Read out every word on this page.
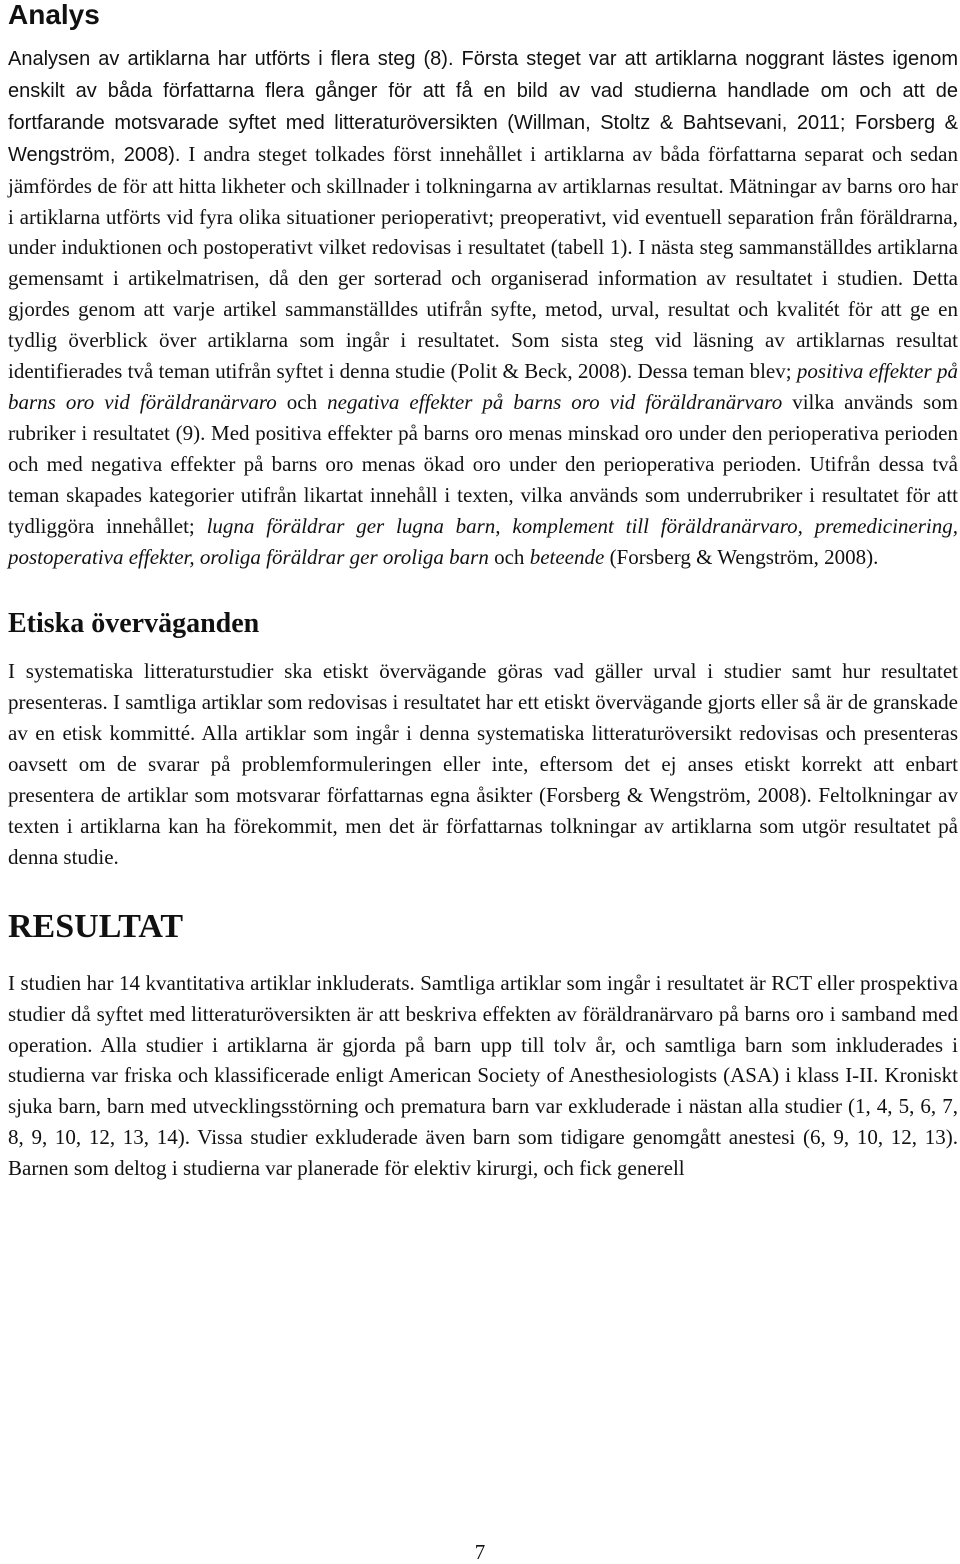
Analys

Analysen av artiklarna har utförts i flera steg (8). Första steget var att artiklarna noggrant lästes igenom enskilt av båda författarna flera gånger för att få en bild av vad studierna handlade om och att de fortfarande motsvarade syftet med litteraturöversikten (Willman, Stoltz & Bahtsevani, 2011; Forsberg & Wengström, 2008). I andra steget tolkades först innehållet i artiklarna av båda författarna separat och sedan jämfördes de för att hitta likheter och skillnader i tolkningarna av artiklarnas resultat. Mätningar av barns oro har i artiklarna utförts vid fyra olika situationer perioperativt; preoperativt, vid eventuell separation från föräldrarna, under induktionen och postoperativt vilket redovisas i resultatet (tabell 1). I nästa steg sammanställdes artiklarna gemensamt i artikelmatrisen, då den ger sorterad och organiserad information av resultatet i studien. Detta gjordes genom att varje artikel sammanställdes utifrån syfte, metod, urval, resultat och kvalitét för att ge en tydlig överblick över artiklarna som ingår i resultatet. Som sista steg vid läsning av artiklarnas resultat identifierades två teman utifrån syftet i denna studie (Polit & Beck, 2008). Dessa teman blev; positiva effekter på barns oro vid föräldranärvaro och negativa effekter på barns oro vid föräldranärvaro vilka används som rubriker i resultatet (9). Med positiva effekter på barns oro menas minskad oro under den perioperativa perioden och med negativa effekter på barns oro menas ökad oro under den perioperativa perioden. Utifrån dessa två teman skapades kategorier utifrån likartat innehåll i texten, vilka används som underrubriker i resultatet för att tydliggöra innehållet; lugna föräldrar ger lugna barn, komplement till föräldranärvaro, premedicinering, postoperativa effekter, oroliga föräldrar ger oroliga barn och beteende (Forsberg & Wengström, 2008).

Etiska överväganden

I systematiska litteraturstudier ska etiskt övervägande göras vad gäller urval i studier samt hur resultatet presenteras. I samtliga artiklar som redovisas i resultatet har ett etiskt övervägande gjorts eller så är de granskade av en etisk kommitté. Alla artiklar som ingår i denna systematiska litteraturöversikt redovisas och presenteras oavsett om de svarar på problemformuleringen eller inte, eftersom det ej anses etiskt korrekt att enbart presentera de artiklar som motsvarar författarnas egna åsikter (Forsberg & Wengström, 2008). Feltolkningar av texten i artiklarna kan ha förekommit, men det är författarnas tolkningar av artiklarna som utgör resultatet på denna studie.

RESULTAT

I studien har 14 kvantitativa artiklar inkluderats. Samtliga artiklar som ingår i resultatet är RCT eller prospektiva studier då syftet med litteraturöversikten är att beskriva effekten av föräldranärvaro på barns oro i samband med operation. Alla studier i artiklarna är gjorda på barn upp till tolv år, och samtliga barn som inkluderades i studierna var friska och klassificerade enligt American Society of Anesthesiologists (ASA) i klass I-II. Kroniskt sjuka barn, barn med utvecklingsstörning och prematura barn var exkluderade i nästan alla studier (1, 4, 5, 6, 7, 8, 9, 10, 12, 13, 14). Vissa studier exkluderade även barn som tidigare genomgått anestesi (6, 9, 10, 12, 13). Barnen som deltog i studierna var planerade för elektiv kirurgi, och fick generell

7
